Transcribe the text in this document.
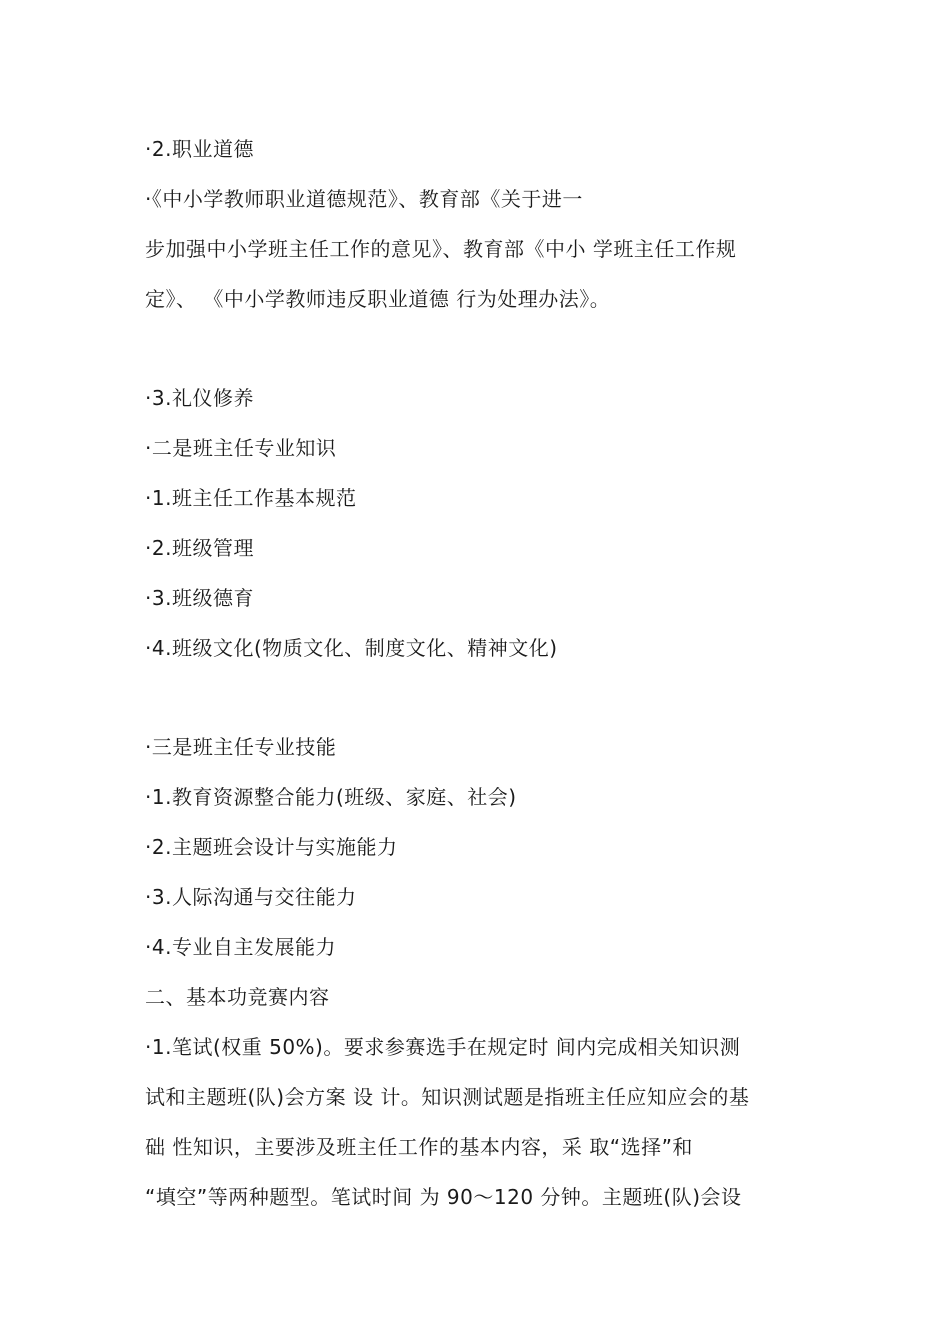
·2.职业道德
·《中小学教师职业道德规范》、教育部《关于进一
步加强中小学班主任工作的意见》、教育部《中小 学班主任工作规
定》、 《中小学教师违反职业道德 行为处理办法》。
·3.礼仪修养
·二是班主任专业知识
·1.班主任工作基本规范
·2.班级管理
·3.班级德育
·4.班级文化(物质文化、制度文化、精神文化)
·三是班主任专业技能
·1.教育资源整合能力(班级、家庭、社会)
·2.主题班会设计与实施能力
·3.人际沟通与交往能力
·4.专业自主发展能力
二、基本功竞赛内容
·1.笔试(权重 50%)。要求参赛选手在规定时 间内完成相关知识测
试和主题班(队)会方案 设 计。知识测试题是指班主任应知应会的基
础 性知识，主要涉及班主任工作的基本内容，采 取“选择”和
“填空”等两种题型。笔试时间 为 90～120 分钟。主题班(队)会设
